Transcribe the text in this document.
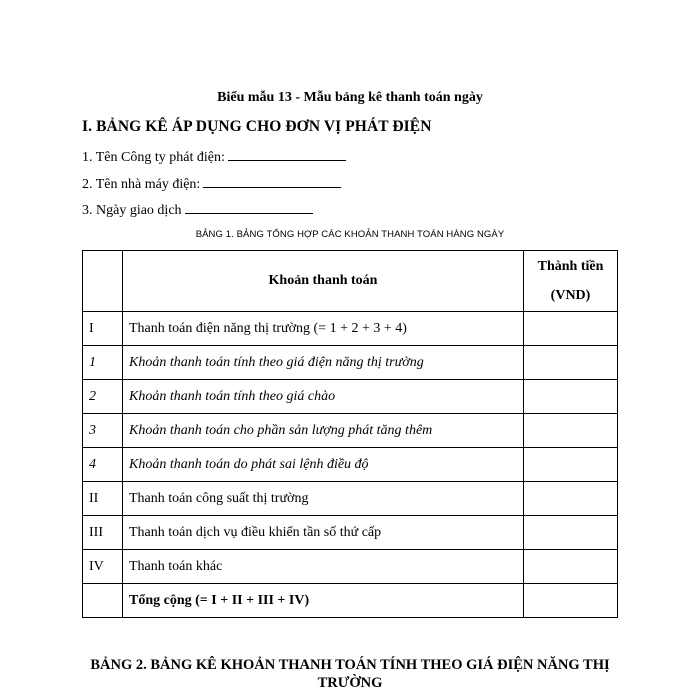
Biểu mẫu 13 - Mẫu bảng kê thanh toán ngày
I. BẢNG KÊ ÁP DỤNG CHO ĐƠN VỊ PHÁT ĐIỆN
1. Tên Công ty phát điện:
2. Tên nhà máy điện:
3. Ngày giao dịch
BẢNG 1. BẢNG TỔNG HỢP CÁC KHOẢN THANH TOÁN HÀNG NGÀY
	Khoản thanh toán	Thành tiền
(VND)

I	Thanh toán điện năng thị trường (= 1 + 2 + 3 + 4)	
1	Khoản thanh toán tính theo giá điện năng thị trường	
2	Khoản thanh toán tính theo giá chào	
3	Khoản thanh toán cho phần sản lượng phát tăng thêm	
4	Khoản thanh toán do phát sai lệnh điều độ	
II	Thanh toán công suất thị trường	
III	Thanh toán dịch vụ điều khiển tần số thứ cấp	
IV	Thanh toán khác	
	Tổng cộng (= I + II + III + IV)	
BẢNG 2. BẢNG KÊ KHOẢN THANH TOÁN TÍNH THEO GIÁ ĐIỆN NĂNG THỊ TRƯỜNG
